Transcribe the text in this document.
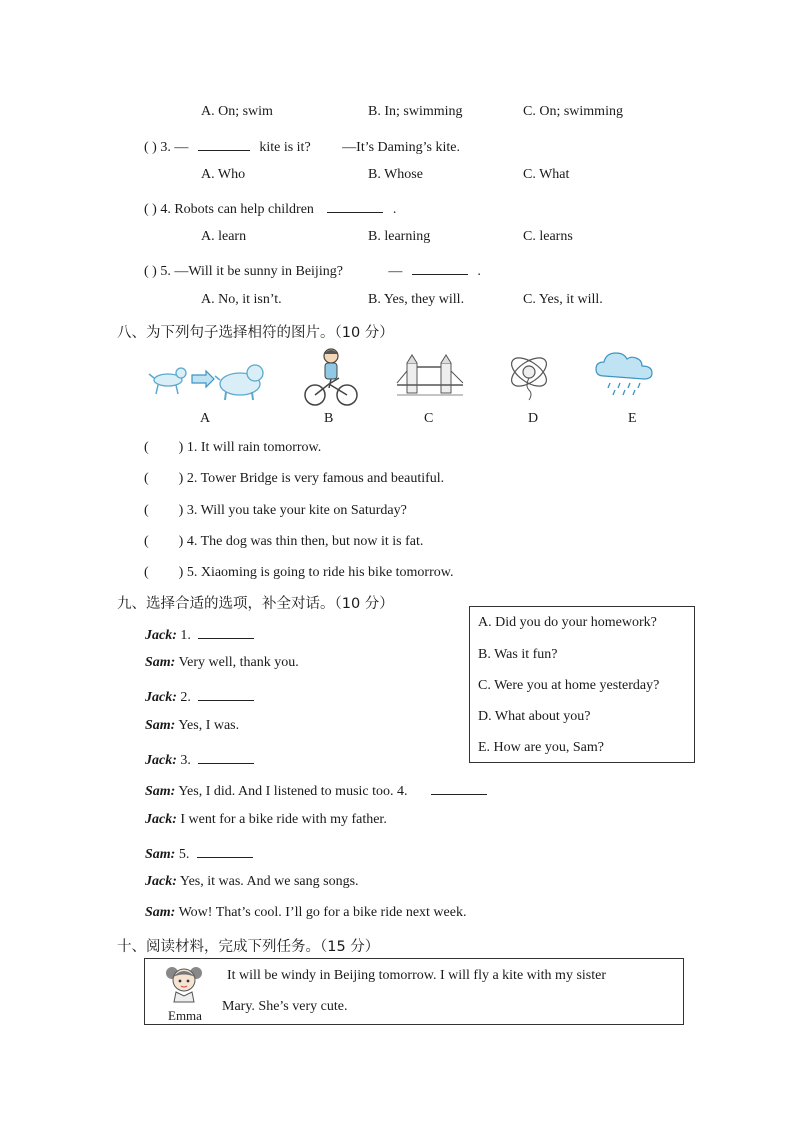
A. On; swim	B. In; swimming	C. On; swimming
( ) 3. —	kite is it? —It’s Daming’s kite.
A. Who	B. Whose	C. What
( ) 4. Robots can help children	.
A. learn	B. learning	C. learns
( ) 5. —Will it be sunny in Beijing?	—	.
A. No, it isn’t.	B. Yes, they will.	C. Yes, it will.
八、为下列句子选择相符的图片。（10 分）
A	B	C	D	E
( ) 1. It will rain tomorrow.
( ) 2. Tower Bridge is very famous and beautiful.
( ) 3. Will you take your kite on Saturday?
( ) 4. The dog was thin then, but now it is fat.
( ) 5. Xiaoming is going to ride his bike tomorrow.
九、选择合适的选项，补全对话。（10 分）
A. Did you do your homework?
B. Was it fun?
C. Were you at home yesterday?
D. What about you?
E. How are you, Sam?
Jack: 1.
Sam: Very well, thank you.
Jack: 2.
Sam: Yes, I was.
Jack: 3.
Sam: Yes, I did. And I listened to music too. 4.
Jack: I went for a bike ride with my father.
Sam: 5.
Jack: Yes, it was. And we sang songs.
Sam: Wow! That’s cool. I’ll go for a bike ride next week.
十、阅读材料，完成下列任务。（15 分）
Emma
It will be windy in Beijing tomorrow. I will fly a kite with my sister
Mary. She’s very cute.
